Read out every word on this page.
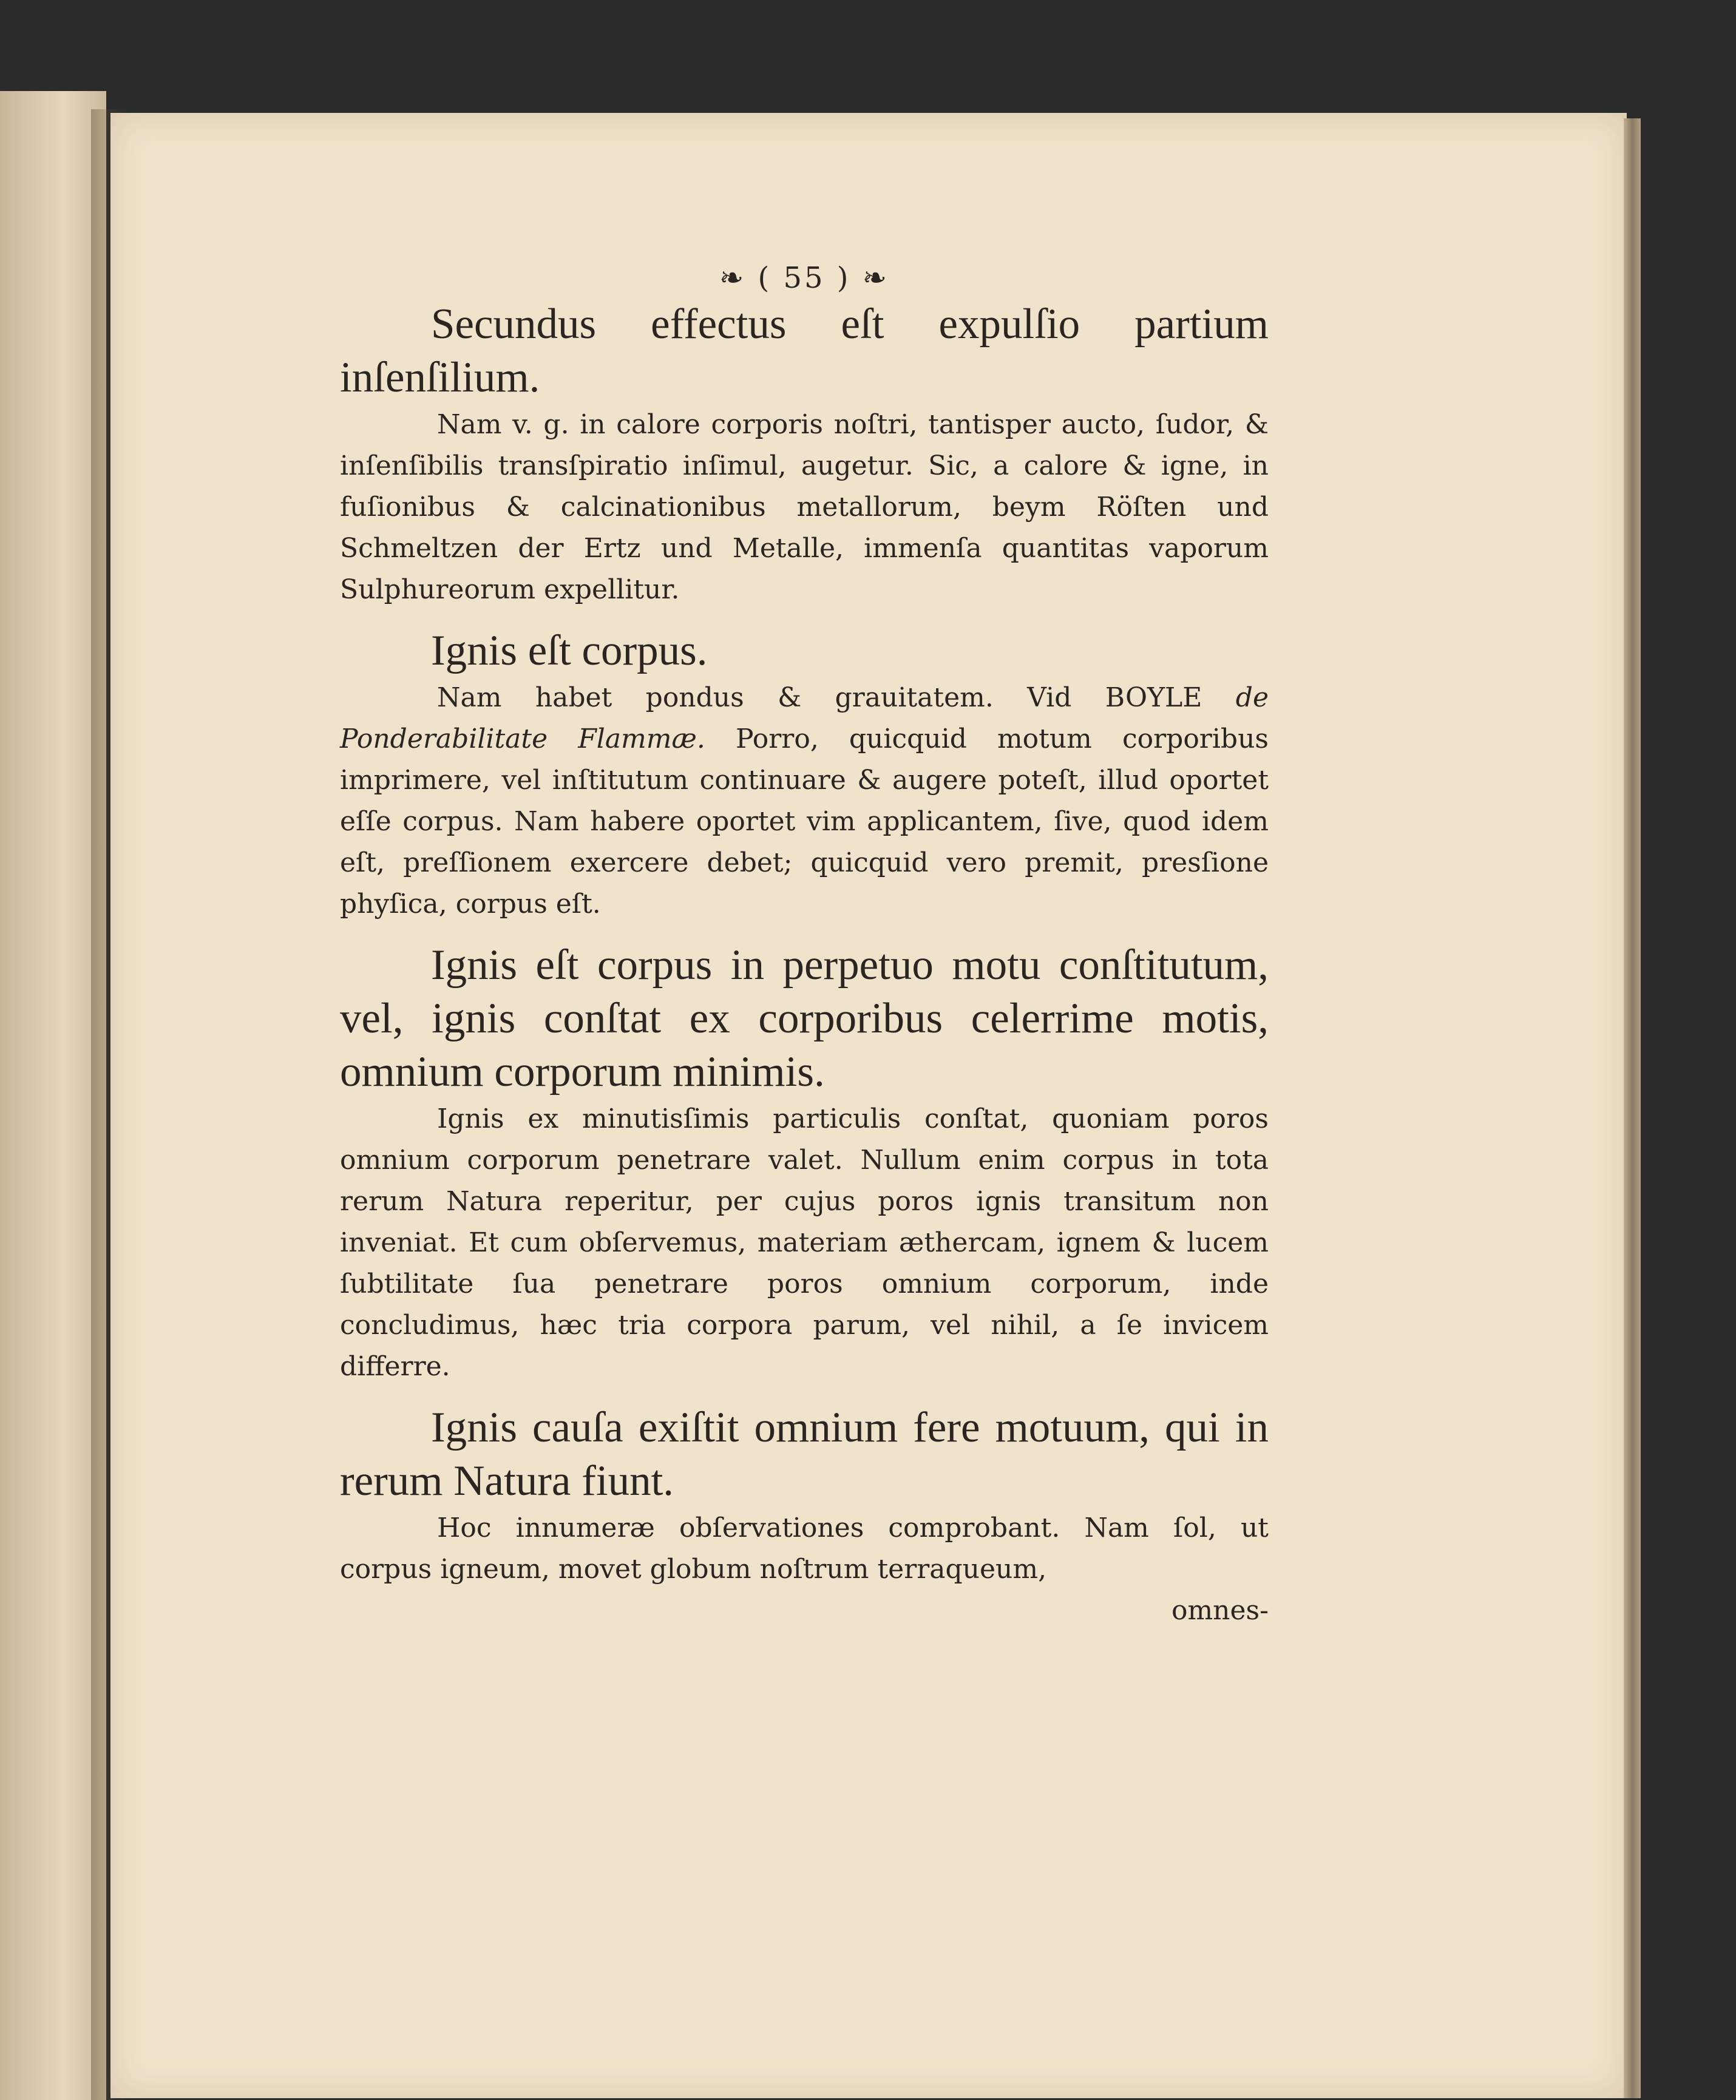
❧ ( 55 ) ❧
Secundus effectus eſt expulſio partium inſenſilium.
Nam v. g. in calore corporis noſtri, tantisper aucto, ſudor, & inſenſibilis transſpiratio inſimul, augetur. Sic, a calore & igne, in fuſionibus & calcinationibus metallorum, beym Röſten und Schmeltzen der Ertz und Metalle, immenſa quantitas vaporum Sulphureorum expellitur.
Ignis eſt corpus.
Nam habet pondus & grauitatem. Vid BOYLE de Ponderabilitate Flammæ. Porro, quicquid motum corporibus imprimere, vel inſtitutum continuare & augere poteſt, illud oportet eſſe corpus. Nam habere oportet vim applicantem, ſive, quod idem eſt, preſſionem exercere debet; quicquid vero premit, presſione phyſica, corpus eſt.
Ignis eſt corpus in perpetuo motu conſtitutum, vel, ignis conſtat ex corporibus celerrime motis, omnium corporum minimis.
Ignis ex minutisſimis particulis conſtat, quoniam poros omnium corporum penetrare valet. Nullum enim corpus in tota rerum Natura reperitur, per cujus poros ignis transitum non inveniat. Et cum obſervemus, materiam æthercam, ignem & lucem ſubtilitate ſua penetrare poros omnium corporum, inde concludimus, hæc tria corpora parum, vel nihil, a ſe invicem differre.
Ignis cauſa exiſtit omnium fere motuum, qui in rerum Natura fiunt.
Hoc innumeræ obſervationes comprobant. Nam ſol, ut corpus igneum, movet globum noſtrum terraqueum,
omnes-
